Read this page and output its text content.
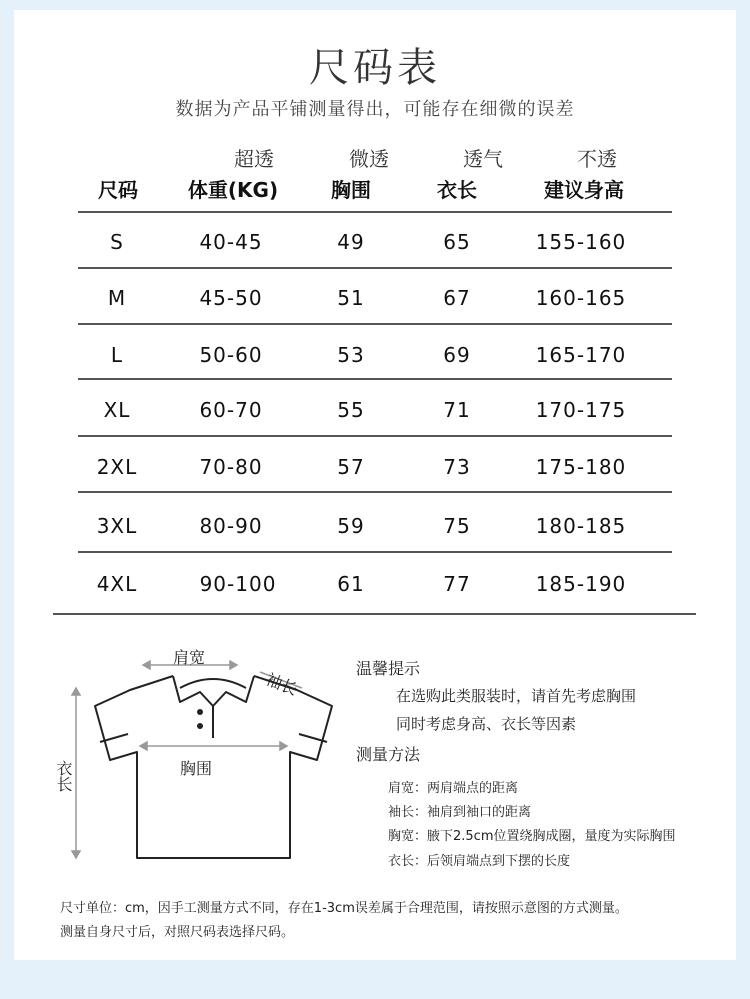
尺码表
数据为产品平铺测量得出，可能存在细微的误差
超透	微透	透气	不透
尺码 体重(KG)	胸围	衣长	建议身高
S	40-45	49	65	155-160
M	45-50	51	67	160-165
L	50-60	53	69	165-170
XL	60-70	55	71	170-175
2XL	70-80	57	73	175-180
3XL	80-90	59	75	180-185
4XL	90-100	61	77	185-190
肩宽
袖长
胸围
衣长
温馨提示
在选购此类服装时，请首先考虑胸围
同时考虑身高、衣长等因素
测量方法
肩宽：两肩端点的距离
袖长：袖肩到袖口的距离
胸宽：腋下2.5cm位置绕胸成圈，量度为实际胸围
衣长：后领肩端点到下摆的长度
尺寸单位：cm，因手工测量方式不同，存在1-3cm误差属于合理范围，请按照示意图的方式测量。
测量自身尺寸后，对照尺码表选择尺码。
